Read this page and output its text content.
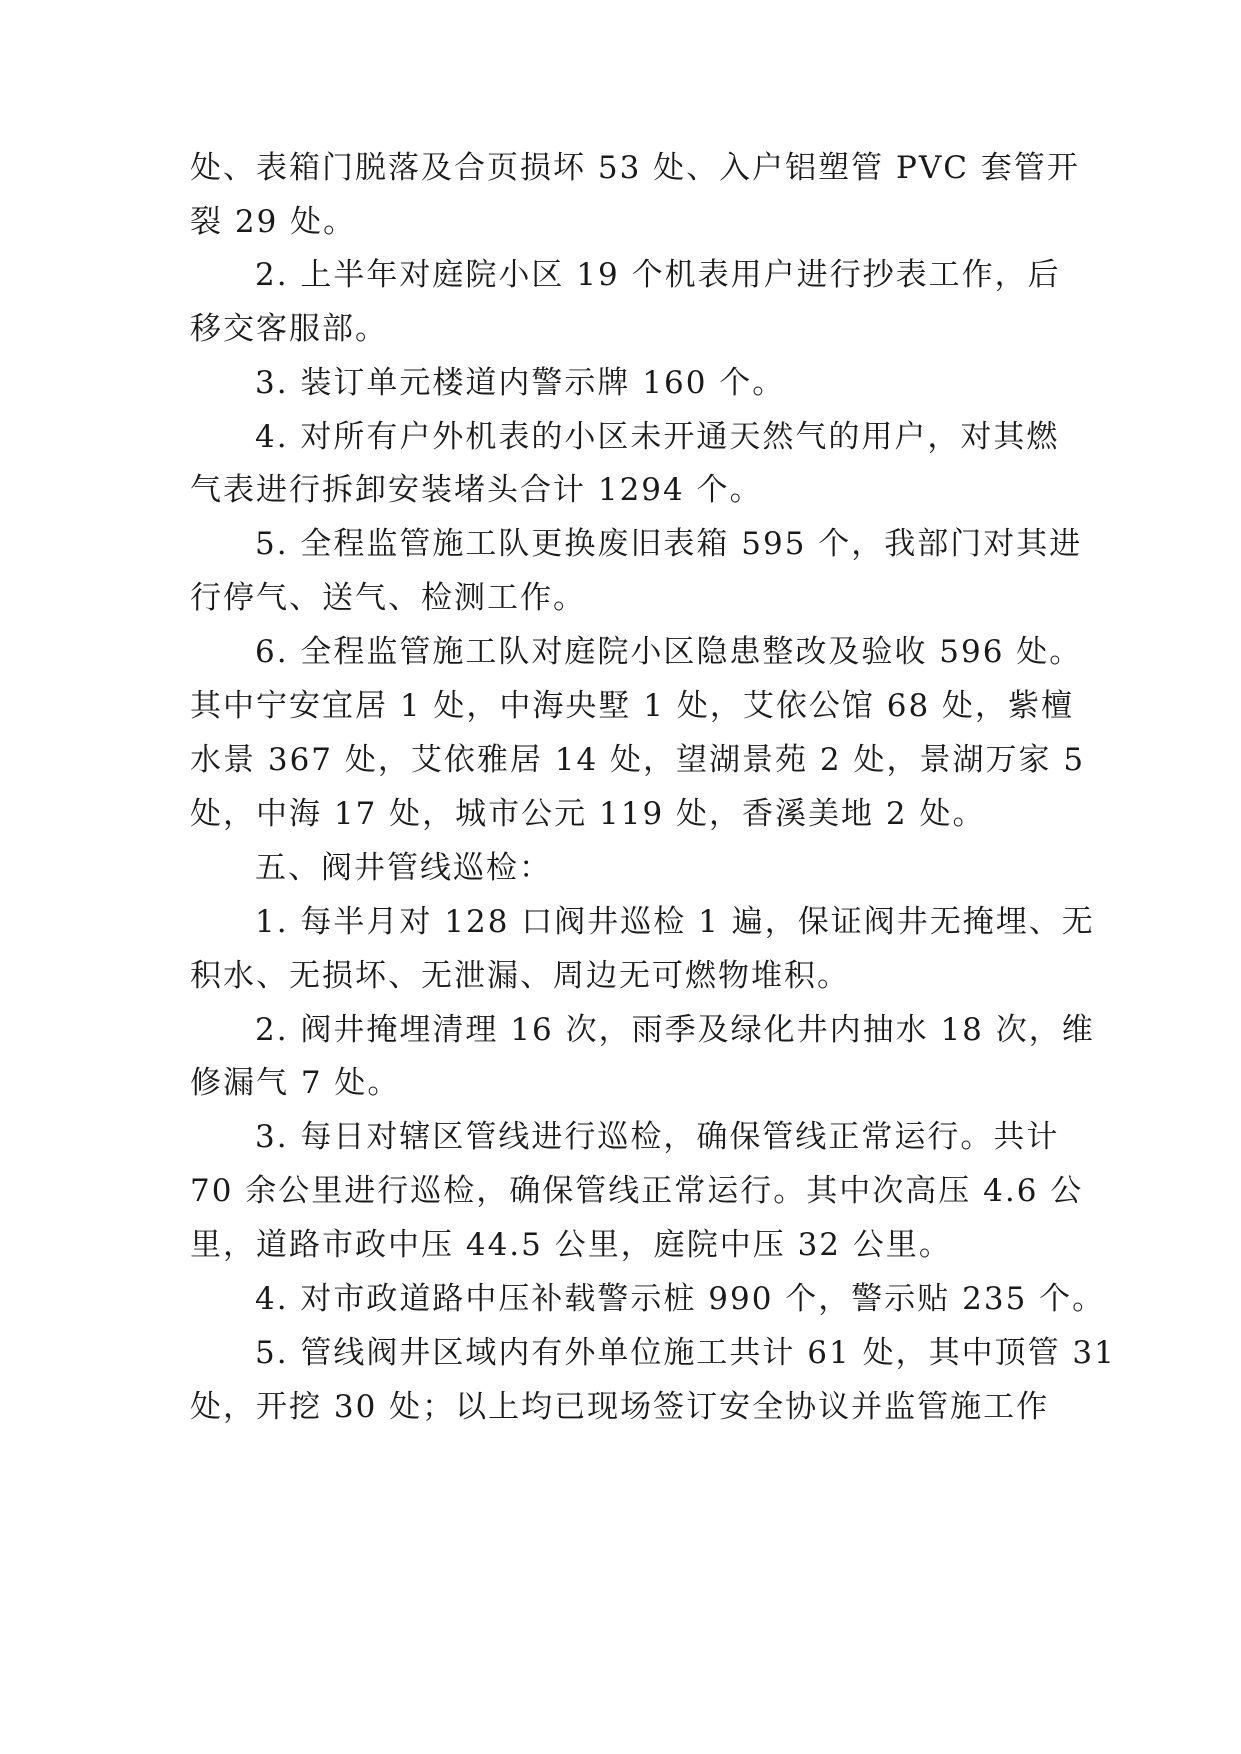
处、表箱门脱落及合页损坏 53 处、入户铝塑管 PVC 套管开
裂 29 处。
2. 上半年对庭院小区 19 个机表用户进行抄表工作，后
移交客服部。
3. 装订单元楼道内警示牌 160 个。
4. 对所有户外机表的小区未开通天然气的用户，对其燃
气表进行拆卸安装堵头合计 1294 个。
5. 全程监管施工队更换废旧表箱 595 个，我部门对其进
行停气、送气、检测工作。
6. 全程监管施工队对庭院小区隐患整改及验收 596 处。
其中宁安宜居 1 处，中海央墅 1 处，艾依公馆 68 处，紫檀
水景 367 处，艾依雅居 14 处，望湖景苑 2 处，景湖万家 5
处，中海 17 处，城市公元 119 处，香溪美地 2 处。
五、阀井管线巡检：
1. 每半月对 128 口阀井巡检 1 遍，保证阀井无掩埋、无
积水、无损坏、无泄漏、周边无可燃物堆积。
2. 阀井掩埋清理 16 次，雨季及绿化井内抽水 18 次，维
修漏气 7 处。
3. 每日对辖区管线进行巡检，确保管线正常运行。共计
70 余公里进行巡检，确保管线正常运行。其中次高压 4.6 公
里，道路市政中压 44.5 公里，庭院中压 32 公里。
4. 对市政道路中压补载警示桩 990 个，警示贴 235 个。
5. 管线阀井区域内有外单位施工共计 61 处，其中顶管 31
处，开挖 30 处；以上均已现场签订安全协议并监管施工作
